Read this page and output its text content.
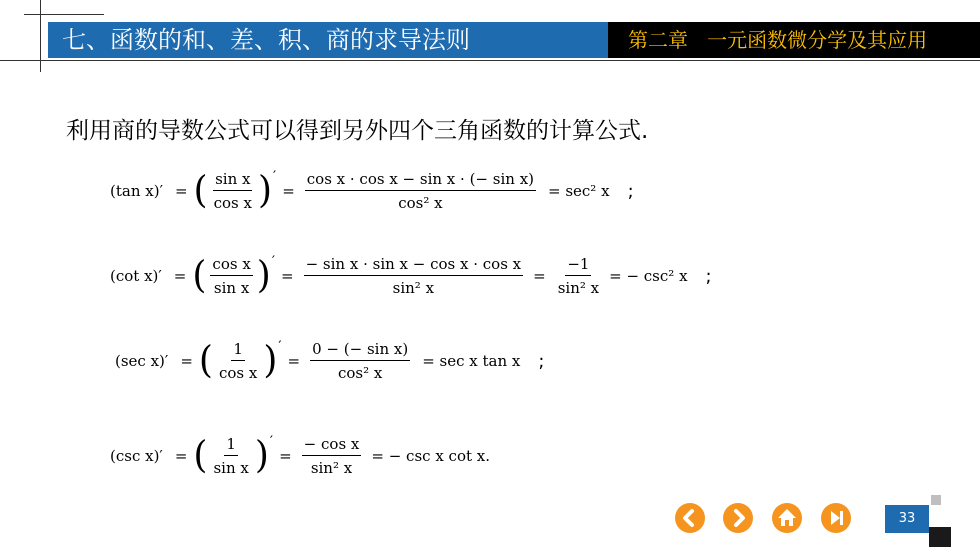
七、函数的和、差、积、商的求导法则	第二章   一元函数微分学及其应用
利用商的导数公式可以得到另外四个三角函数的计算公式.
(tan x)′ = ( $\frac{\text{sin x}}{\text{cos x}}$ ) ′
= $\frac{\text{cos x · cos x − sin x · (− sin x)}}{\text{cos² x}} = \sec^2$ x ;
(cot x)′ = ( $\frac{\text{cos x}}{\text{sin x}}$ ) ′
= $\frac{\text{− sin x · sin x − cos x · cos x}}{\text{sin² x}} = \frac{-1}{\text{sin² x}}$ = − csc² x ;
(sec x)′ = ( $\frac{1}{\text{cos x}}$ ) ′
= $\frac{\text{0 − (− sin x)}}{\text{cos² x}} = \sec x$ tan x ;
(csc x)′ = ( $\frac{1}{\text{sin x}}$ ) ′
= $\frac{\text{− cos x}}{\text{sin² x}}$ = − csc x cot x.
33
